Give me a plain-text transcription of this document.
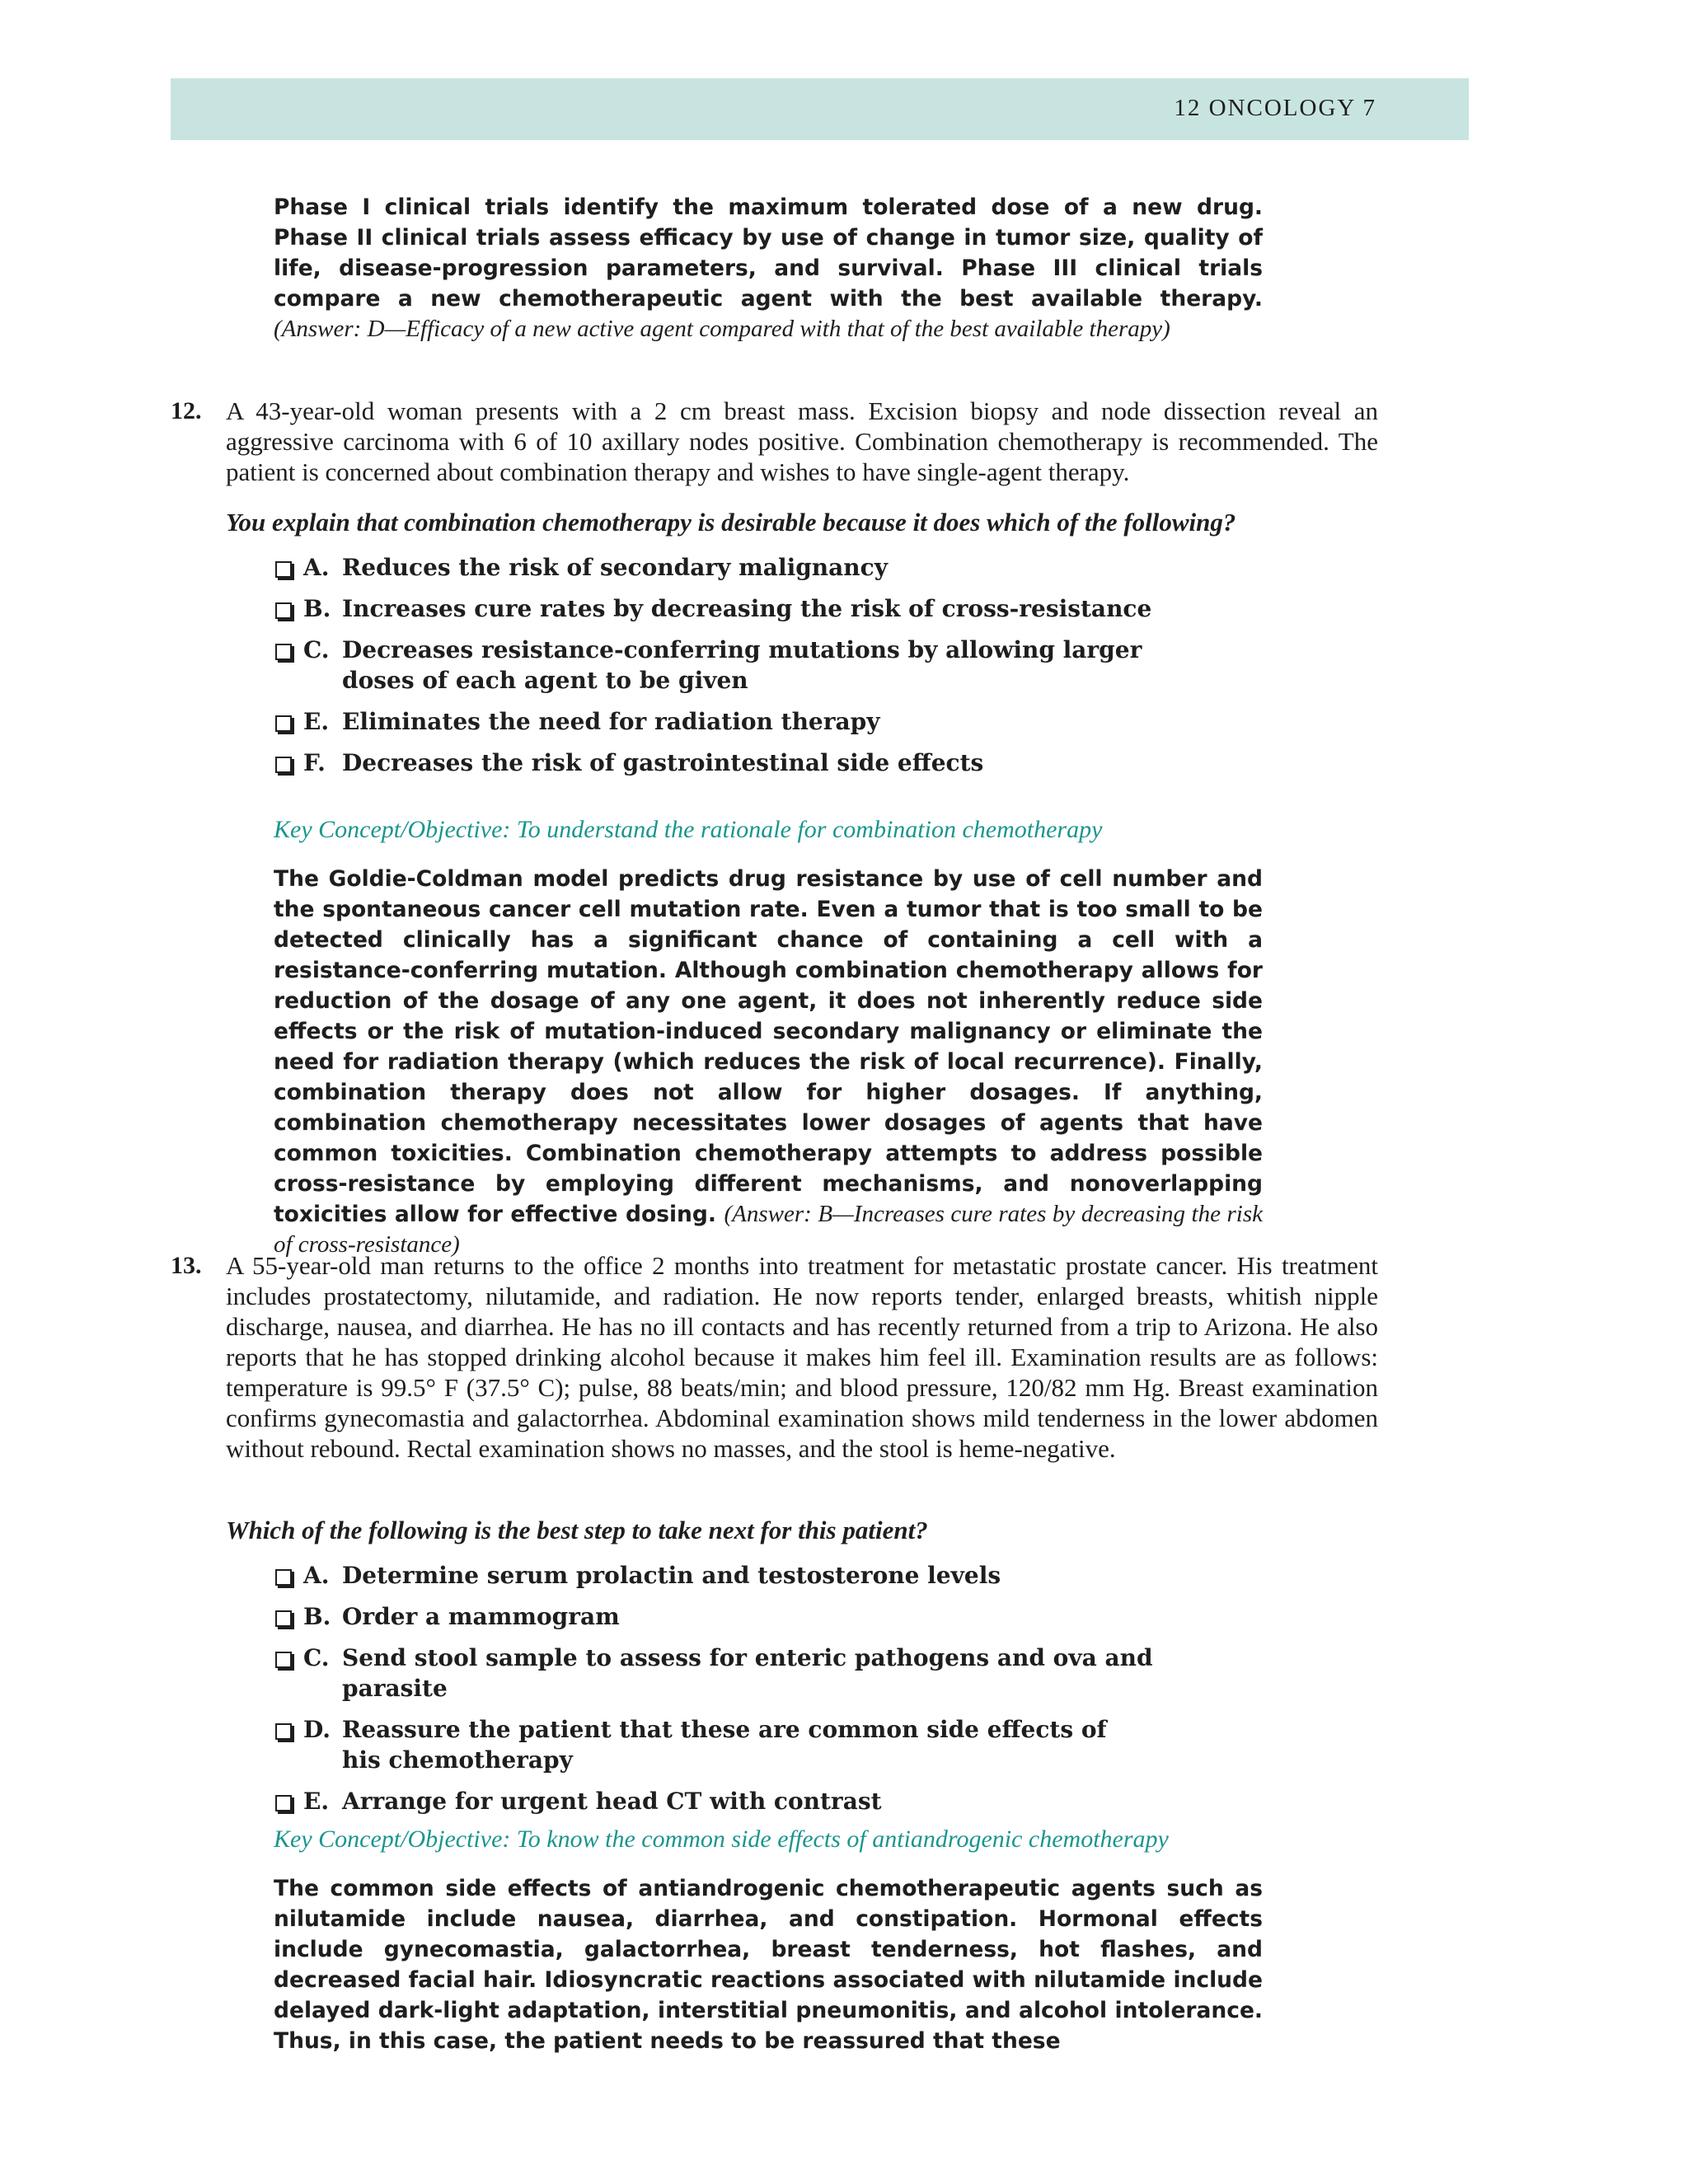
12 ONCOLOGY 7
Phase I clinical trials identify the maximum tolerated dose of a new drug. Phase II clinical trials assess efficacy by use of change in tumor size, quality of life, disease-progression parameters, and survival. Phase III clinical trials compare a new chemotherapeutic agent with the best available therapy. (Answer: D—Efficacy of a new active agent compared with that of the best available therapy)
12. A 43-year-old woman presents with a 2 cm breast mass. Excision biopsy and node dissection reveal an aggressive carcinoma with 6 of 10 axillary nodes positive. Combination chemotherapy is recommended. The patient is concerned about combination therapy and wishes to have single-agent therapy.
You explain that combination chemotherapy is desirable because it does which of the following?
A. Reduces the risk of secondary malignancy
B. Increases cure rates by decreasing the risk of cross-resistance
C. Decreases resistance-conferring mutations by allowing larger doses of each agent to be given
E. Eliminates the need for radiation therapy
F. Decreases the risk of gastrointestinal side effects
Key Concept/Objective: To understand the rationale for combination chemotherapy
The Goldie-Coldman model predicts drug resistance by use of cell number and the spontaneous cancer cell mutation rate. Even a tumor that is too small to be detected clinically has a significant chance of containing a cell with a resistance-conferring mutation. Although combination chemotherapy allows for reduction of the dosage of any one agent, it does not inherently reduce side effects or the risk of mutation-induced secondary malignancy or eliminate the need for radiation therapy (which reduces the risk of local recurrence). Finally, combination therapy does not allow for higher dosages. If anything, combination chemotherapy necessitates lower dosages of agents that have common toxicities. Combination chemotherapy attempts to address possible cross-resistance by employing different mechanisms, and nonoverlapping toxicities allow for effective dosing. (Answer: B—Increases cure rates by decreasing the risk of cross-resistance)
13. A 55-year-old man returns to the office 2 months into treatment for metastatic prostate cancer. His treatment includes prostatectomy, nilutamide, and radiation. He now reports tender, enlarged breasts, whitish nipple discharge, nausea, and diarrhea. He has no ill contacts and has recently returned from a trip to Arizona. He also reports that he has stopped drinking alcohol because it makes him feel ill. Examination results are as follows: temperature is 99.5° F (37.5° C); pulse, 88 beats/min; and blood pressure, 120/82 mm Hg. Breast examination confirms gynecomastia and galactorrhea. Abdominal examination shows mild tenderness in the lower abdomen without rebound. Rectal examination shows no masses, and the stool is heme-negative.
Which of the following is the best step to take next for this patient?
A. Determine serum prolactin and testosterone levels
B. Order a mammogram
C. Send stool sample to assess for enteric pathogens and ova and parasite
D. Reassure the patient that these are common side effects of his chemotherapy
E. Arrange for urgent head CT with contrast
Key Concept/Objective: To know the common side effects of antiandrogenic chemotherapy
The common side effects of antiandrogenic chemotherapeutic agents such as nilutamide include nausea, diarrhea, and constipation. Hormonal effects include gynecomastia, galactorrhea, breast tenderness, hot flashes, and decreased facial hair. Idiosyncratic reactions associated with nilutamide include delayed dark-light adaptation, interstitial pneumonitis, and alcohol intolerance. Thus, in this case, the patient needs to be reassured that these
